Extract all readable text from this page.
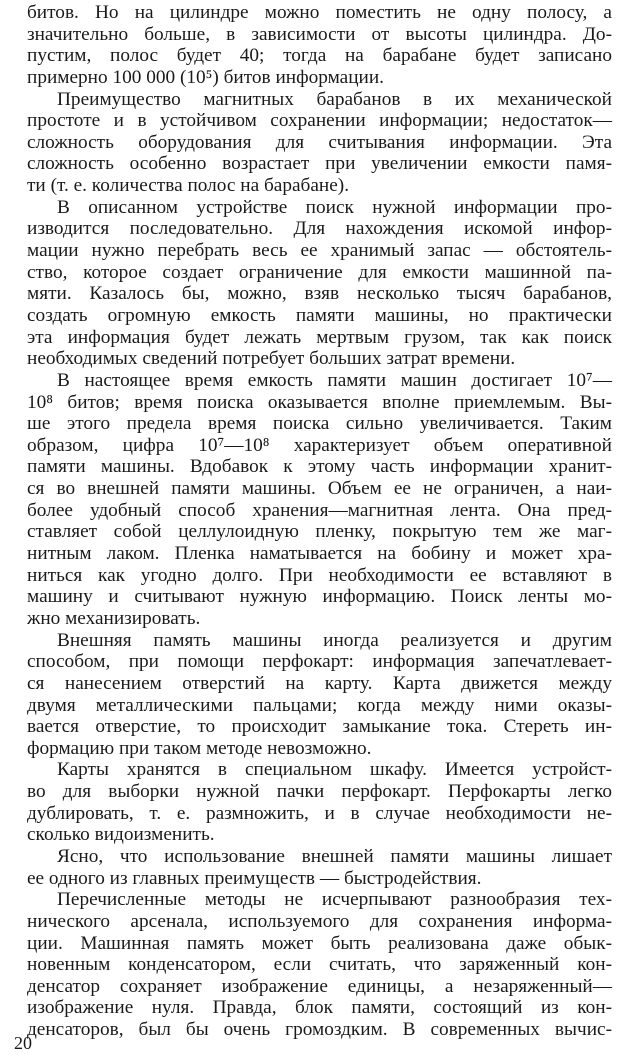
битов. Но на цилиндре можно поместить не одну полосу, а
значительно больше, в зависимости от высоты цилиндра. До-
пустим, полос будет 40; тогда на барабане будет записано
примерно 100 000 (10⁵) битов информации.
Преимущество магнитных барабанов в их механической
простоте и в устойчивом сохранении информации; недостаток—
сложность оборудования для считывания информации. Эта
сложность особенно возрастает при увеличении емкости памя-
ти (т. е. количества полос на барабане).
В описанном устройстве поиск нужной информации про-
изводится последовательно. Для нахождения искомой инфор-
мации нужно перебрать весь ее хранимый запас — обстоятель-
ство, которое создает ограничение для емкости машинной па-
мяти. Казалось бы, можно, взяв несколько тысяч барабанов,
создать огромную емкость памяти машины, но практически
эта информация будет лежать мертвым грузом, так как поиск
необходимых сведений потребует больших затрат времени.
В настоящее время емкость памяти машин достигает 10⁷—
10⁸ битов; время поиска оказывается вполне приемлемым. Вы-
ше этого предела время поиска сильно увеличивается. Таким
образом, цифра 10⁷—10⁸ характеризует объем оперативной
памяти машины. Вдобавок к этому часть информации хранит-
ся во внешней памяти машины. Объем ее не ограничен, а наи-
более удобный способ хранения—магнитная лента. Она пред-
ставляет собой целлулоидную пленку, покрытую тем же маг-
нитным лаком. Пленка наматывается на бобину и может хра-
ниться как угодно долго. При необходимости ее вставляют в
машину и считывают нужную информацию. Поиск ленты мо-
жно механизировать.
Внешняя память машины иногда реализуется и другим
способом, при помощи перфокарт: информация запечатлевает-
ся нанесением отверстий на карту. Карта движется между
двумя металлическими пальцами; когда между ними оказы-
вается отверстие, то происходит замыкание тока. Стереть ин-
формацию при таком методе невозможно.
Карты хранятся в специальном шкафу. Имеется устройст-
во для выборки нужной пачки перфокарт. Перфокарты легко
дублировать, т. е. размножить, и в случае необходимости не-
сколько видоизменить.
Ясно, что использование внешней памяти машины лишает
ее одного из главных преимуществ — быстродействия.
Перечисленные методы не исчерпывают разнообразия тех-
нического арсенала, используемого для сохранения информа-
ции. Машинная память может быть реализована даже обык-
новенным конденсатором, если считать, что заряженный кон-
денсатор сохраняет изображение единицы, а незаряженный—
изображение нуля. Правда, блок памяти, состоящий из кон-
денсаторов, был бы очень громоздким. В современных вычис-
20
